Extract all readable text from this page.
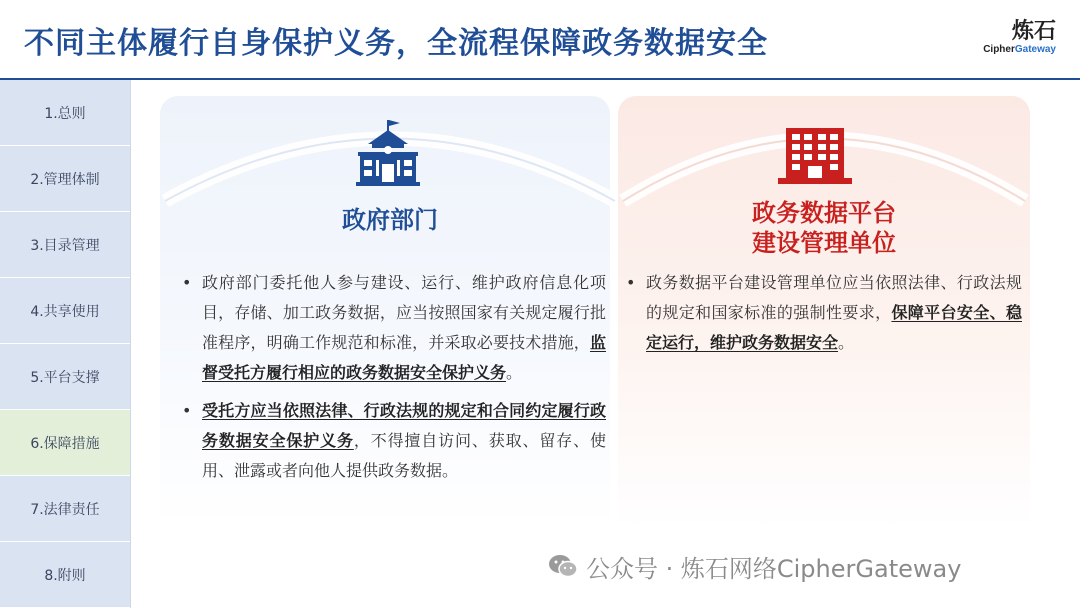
不同主体履行自身保护义务，全流程保障政务数据安全	炼石
CipherGateway
1.总则
2.管理体制
3.目录管理
4.共享使用
5.平台支撑
6.保障措施
7.法律责任
8.附则
政府部门	政务数据平台
建设管理单位
• 政府部门委托他人参与建设、运行、维护政府信息化项目，存储、加工政务数据，应当按照国家有关规定履行批准程序，明确工作规范和标准，并采取必要技术措施，监督受托方履行相应的政务数据安全保护义务。
• 受托方应当依照法律、行政法规的规定和合同约定履行政务数据安全保护义务，不得擅自访问、获取、留存、使用、泄露或者向他人提供政务数据。
• 政务数据平台建设管理单位应当依照法律、行政法规的规定和国家标准的强制性要求，保障平台安全、稳定运行，维护政务数据安全。
公众号 · 炼石网络CipherGateway
